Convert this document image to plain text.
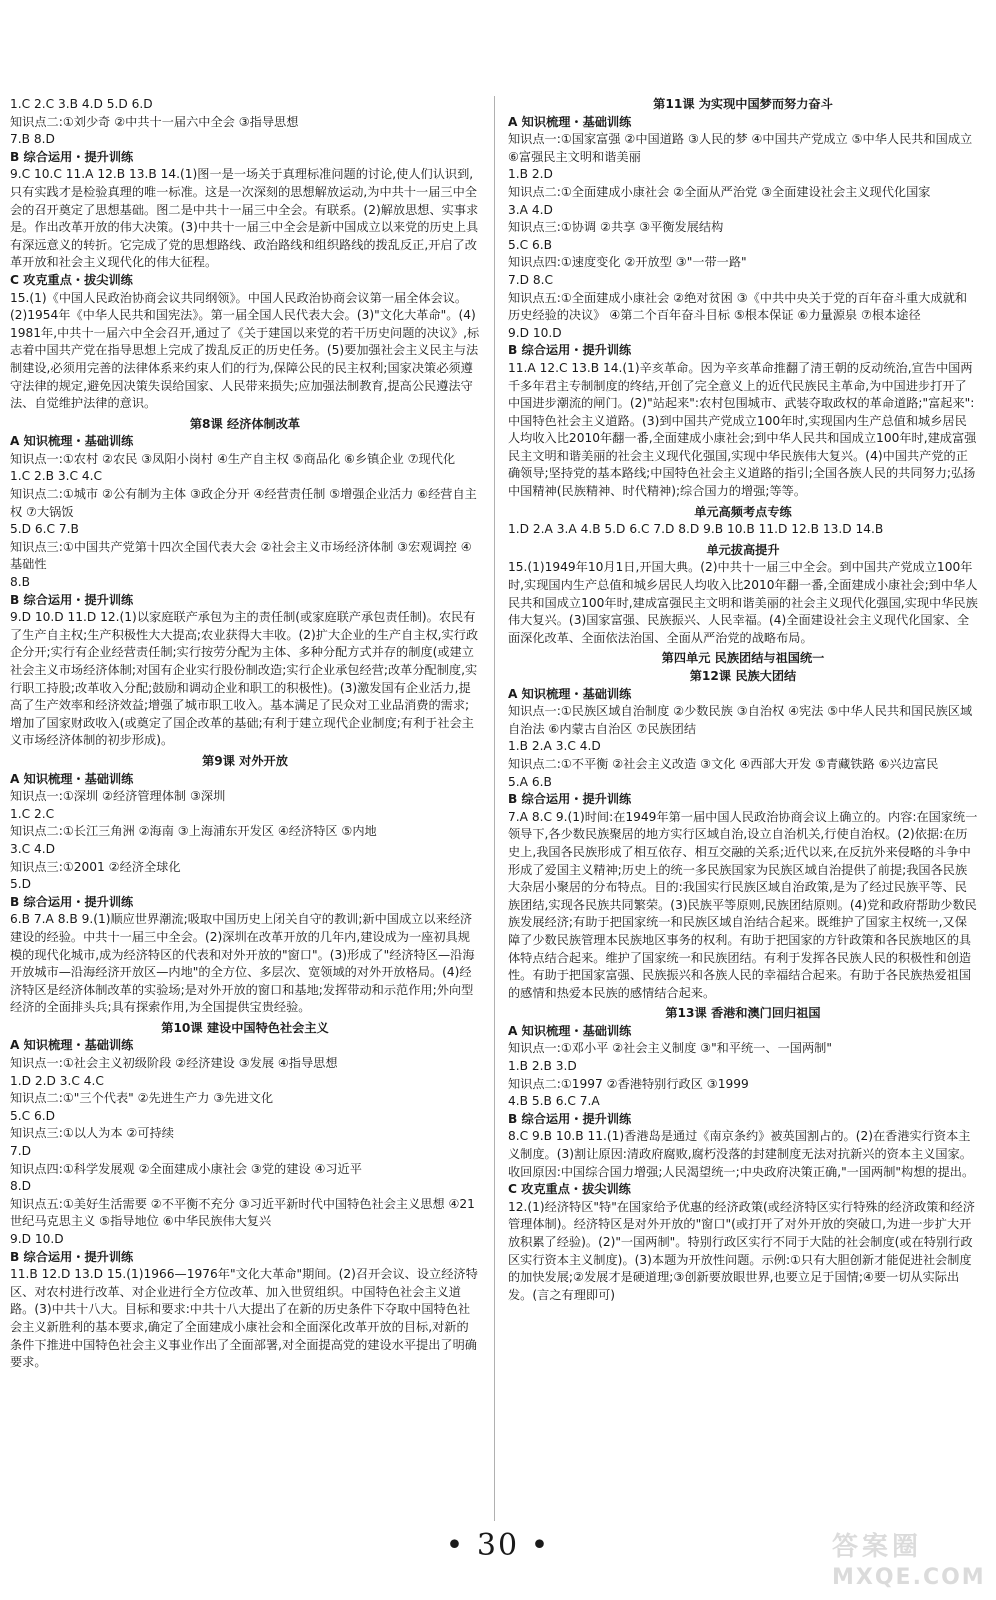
1.C 2.C 3.B 4.D 5.D 6.D

知识点二:①刘少奇 ②中共十一届六中全会 ③指导思想

7.B 8.D

B 综合运用・提升训练

9.C 10.C 11.A 12.B 13.B 14.(1)图一是一场关于真理标准问题的讨论,使人们认识到,只有实践才是检验真理的唯一标准。这是一次深刻的思想解放运动,为中共十一届三中全会的召开奠定了思想基础。图二是中共十一届三中全会。有联系。(2)解放思想、实事求是。作出改革开放的伟大决策。(3)中共十一届三中全会是新中国成立以来党的历史上具有深远意义的转折。它完成了党的思想路线、政治路线和组织路线的拨乱反正,开启了改革开放和社会主义现代化的伟大征程。

C 攻克重点・拔尖训练

15.(1)《中国人民政治协商会议共同纲领》。中国人民政治协商会议第一届全体会议。(2)1954年《中华人民共和国宪法》。第一届全国人民代表大会。(3)"文化大革命"。(4)1981年,中共十一届六中全会召开,通过了《关于建国以来党的若干历史问题的决议》,标志着中国共产党在指导思想上完成了拨乱反正的历史任务。(5)要加强社会主义民主与法制建设,必须用完善的法律体系来约束人们的行为,保障公民的民主权利;国家决策必须遵守法律的规定,避免因决策失误给国家、人民带来损失;应加强法制教育,提高公民遵法守法、自觉维护法律的意识。

第8课 经济体制改革

A 知识梳理・基础训练

知识点一:①农村 ②农民 ③凤阳小岗村 ④生产自主权 ⑤商品化 ⑥乡镇企业 ⑦现代化

1.C 2.B 3.C 4.C

知识点二:①城市 ②公有制为主体 ③政企分开 ④经营责任制 ⑤增强企业活力 ⑥经营自主权 ⑦大锅饭

5.D 6.C 7.B

知识点三:①中国共产党第十四次全国代表大会 ②社会主义市场经济体制 ③宏观调控 ④基础性

8.B

B 综合运用・提升训练

9.D 10.D 11.D 12.(1)以家庭联产承包为主的责任制(或家庭联产承包责任制)。农民有了生产自主权;生产积极性大大提高;农业获得大丰收。(2)扩大企业的生产自主权,实行政企分开;实行有企业经营责任制;实行按劳分配为主体、多种分配方式并存的制度(或建立社会主义市场经济体制;对国有企业实行股份制改造;实行企业承包经营;改革分配制度,实行职工持股;改革收入分配;鼓励和调动企业和职工的积极性)。(3)激发国有企业活力,提高了生产效率和经济效益;增强了城市职工收入。基本满足了民众对工业品消费的需求;增加了国家财政收入(或奠定了国企改革的基础;有利于建立现代企业制度;有利于社会主义市场经济体制的初步形成)。

第9课 对外开放

A 知识梳理・基础训练

知识点一:①深圳 ②经济管理体制 ③深圳

1.C 2.C

知识点二:①长江三角洲 ②海南 ③上海浦东开发区 ④经济特区 ⑤内地

3.C 4.D

知识点三:①2001 ②经济全球化

5.D

B 综合运用・提升训练

6.B 7.A 8.B 9.(1)顺应世界潮流;吸取中国历史上闭关自守的教训;新中国成立以来经济建设的经验。中共十一届三中全会。(2)深圳在改革开放的几年内,建设成为一座初具规模的现代化城市,成为经济特区的代表和对外开放的"窗口"。(3)形成了"经济特区—沿海开放城市—沿海经济开放区—内地"的全方位、多层次、宽领域的对外开放格局。(4)经济特区是经济体制改革的实验场;是对外开放的窗口和基地;发挥带动和示范作用;外向型经济的全面排头兵;具有探索作用,为全国提供宝贵经验。

第10课 建设中国特色社会主义

A 知识梳理・基础训练

知识点一:①社会主义初级阶段 ②经济建设 ③发展 ④指导思想

1.D 2.D 3.C 4.C

知识点二:①"三个代表" ②先进生产力 ③先进文化

5.C 6.D

知识点三:①以人为本 ②可持续

7.D

知识点四:①科学发展观 ②全面建成小康社会 ③党的建设 ④习近平

8.D

知识点五:①美好生活需要 ②不平衡不充分 ③习近平新时代中国特色社会主义思想 ④21世纪马克思主义 ⑤指导地位 ⑥中华民族伟大复兴

9.D 10.D

B 综合运用・提升训练

11.B 12.D 13.D 15.(1)1966—1976年"文化大革命"期间。(2)召开会议、设立经济特区、对农村进行改革、对企业进行全方位改革、加入世贸组织。中国特色社会主义道路。(3)中共十八大。目标和要求:中共十八大提出了在新的历史条件下夺取中国特色社会主义新胜利的基本要求,确定了全面建成小康社会和全面深化改革开放的目标,对新的条件下推进中国特色社会主义事业作出了全面部署,对全面提高党的建设水平提出了明确要求。

第11课 为实现中国梦而努力奋斗

A 知识梳理・基础训练

知识点一:①国家富强 ②中国道路 ③人民的梦 ④中国共产党成立 ⑤中华人民共和国成立 ⑥富强民主文明和谐美丽

1.B 2.D

知识点二:①全面建成小康社会 ②全面从严治党 ③全面建设社会主义现代化国家

3.A 4.D

知识点三:①协调 ②共享 ③平衡发展结构

5.C 6.B

知识点四:①速度变化 ②开放型 ③"一带一路"

7.D 8.C

知识点五:①全面建成小康社会 ②绝对贫困 ③《中共中央关于党的百年奋斗重大成就和历史经验的决议》 ④第二个百年奋斗目标 ⑤根本保证 ⑥力量源泉 ⑦根本途径

9.D 10.D

B 综合运用・提升训练

11.A 12.C 13.B 14.(1)辛亥革命。因为辛亥革命推翻了清王朝的反动统治,宣告中国两千多年君主专制制度的终结,开创了完全意义上的近代民族民主革命,为中国进步打开了中国进步潮流的闸门。(2)"站起来":农村包围城市、武装夺取政权的革命道路;"富起来":中国特色社会主义道路。(3)到中国共产党成立100年时,实现国内生产总值和城乡居民人均收入比2010年翻一番,全面建成小康社会;到中华人民共和国成立100年时,建成富强民主文明和谐美丽的社会主义现代化强国,实现中华民族伟大复兴。(4)中国共产党的正确领导;坚持党的基本路线;中国特色社会主义道路的指引;全国各族人民的共同努力;弘扬中国精神(民族精神、时代精神);综合国力的增强;等等。

单元高频考点专练

1.D 2.A 3.A 4.B 5.D 6.C 7.D 8.D 9.B 10.B 11.D 12.B 13.D 14.B

单元拔高提升

15.(1)1949年10月1日,开国大典。(2)中共十一届三中全会。到中国共产党成立100年时,实现国内生产总值和城乡居民人均收入比2010年翻一番,全面建成小康社会;到中华人民共和国成立100年时,建成富强民主文明和谐美丽的社会主义现代化强国,实现中华民族伟大复兴。(3)国家富强、民族振兴、人民幸福。(4)全面建设社会主义现代化国家、全面深化改革、全面依法治国、全面从严治党的战略布局。

第四单元 民族团结与祖国统一

第12课 民族大团结

A 知识梳理・基础训练

知识点一:①民族区域自治制度 ②少数民族 ③自治权 ④宪法 ⑤中华人民共和国民族区域自治法 ⑥内蒙古自治区 ⑦民族团结

1.B 2.A 3.C 4.D

知识点二:①不平衡 ②社会主义改造 ③文化 ④西部大开发 ⑤青藏铁路 ⑥兴边富民

5.A 6.B

B 综合运用・提升训练

7.A 8.C 9.(1)时间:在1949年第一届中国人民政治协商会议上确立的。内容:在国家统一领导下,各少数民族聚居的地方实行区域自治,设立自治机关,行使自治权。(2)依据:在历史上,我国各民族形成了相互依存、相互交融的关系;近代以来,在反抗外来侵略的斗争中形成了爱国主义精神;历史上的统一多民族国家为民族区域自治提供了前提;我国各民族大杂居小聚居的分布特点。目的:我国实行民族区域自治政策,是为了经过民族平等、民族团结,实现各民族共同繁荣。(3)民族平等原则,民族团结原则。(4)党和政府帮助少数民族发展经济;有助于把国家统一和民族区域自治结合起来。既维护了国家主权统一,又保障了少数民族管理本民族地区事务的权利。有助于把国家的方针政策和各民族地区的具体特点结合起来。维护了国家统一和民族团结。有利于发挥各民族人民的积极性和创造性。有助于把国家富强、民族振兴和各族人民的幸福结合起来。有助于各民族热爱祖国的感情和热爱本民族的感情结合起来。

第13课 香港和澳门回归祖国

A 知识梳理・基础训练

知识点一:①邓小平 ②社会主义制度 ③"和平统一、一国两制"

1.B 2.B 3.D

知识点二:①1997 ②香港特别行政区 ③1999

4.B 5.B 6.C 7.A

B 综合运用・提升训练

8.C 9.B 10.B 11.(1)香港岛是通过《南京条约》被英国割占的。(2)在香港实行资本主义制度。(3)割让原因:清政府腐败,腐朽没落的封建制度无法对抗新兴的资本主义国家。收回原因:中国综合国力增强;人民渴望统一;中央政府决策正确,"一国两制"构想的提出。

C 攻克重点・拔尖训练

12.(1)经济特区"特"在国家给予优惠的经济政策(或经济特区实行特殊的经济政策和经济管理体制)。经济特区是对外开放的"窗口"(或打开了对外开放的突破口,为进一步扩大开放积累了经验)。(2)"一国两制"。特别行政区实行不同于大陆的社会制度(或在特别行政区实行资本主义制度)。(3)本题为开放性问题。示例:①只有大胆创新才能促进社会制度的加快发展;②发展才是硬道理;③创新要放眼世界,也要立足于国情;④要一切从实际出发。(言之有理即可)

• 30 •	答案圈
MXQE.COM
